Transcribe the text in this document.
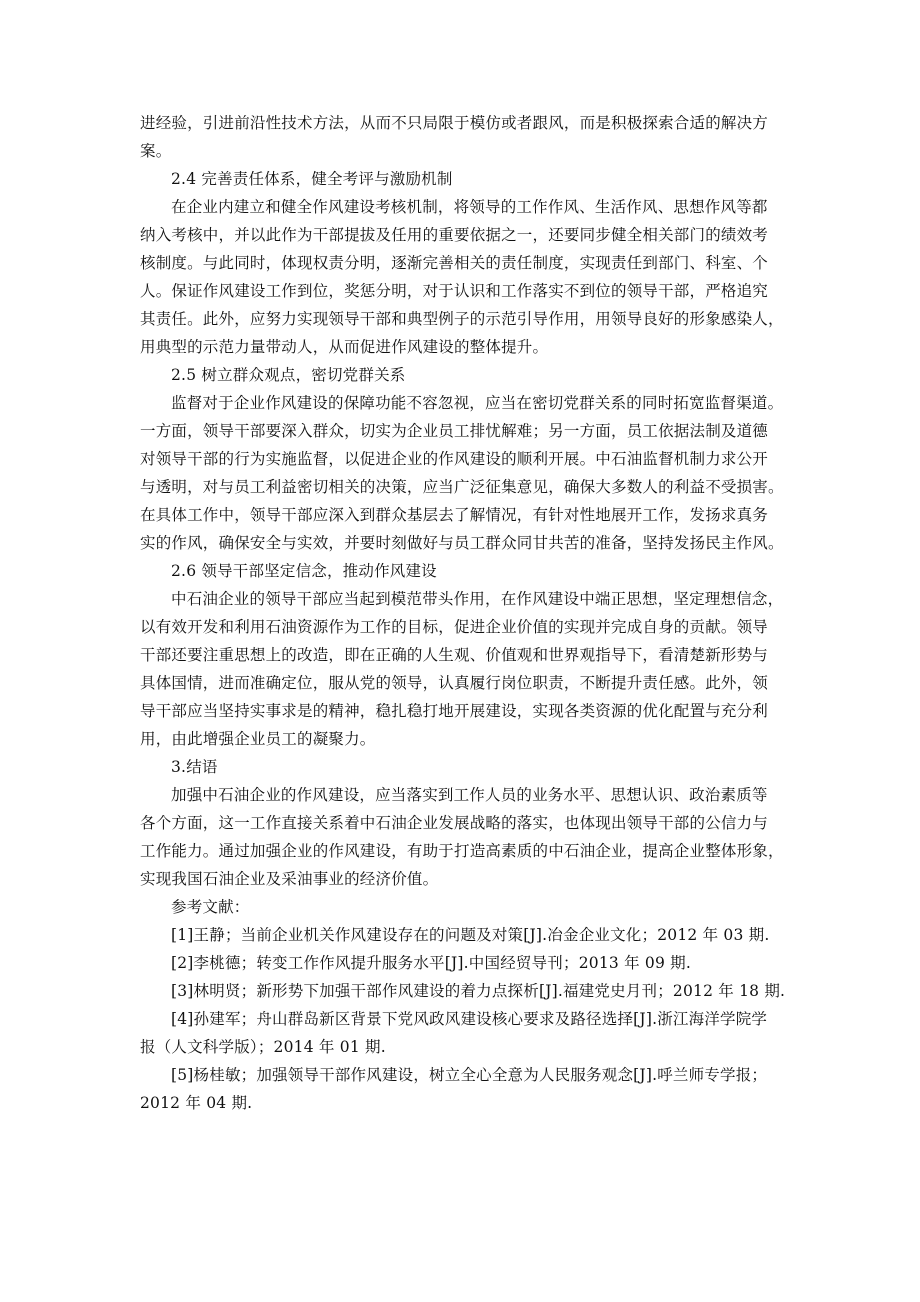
进经验，引进前沿性技术方法，从而不只局限于模仿或者跟风，而是积极探索合适的解决方
案。
2.4 完善责任体系，健全考评与激励机制
在企业内建立和健全作风建设考核机制，将领导的工作作风、生活作风、思想作风等都
纳入考核中，并以此作为干部提拔及任用的重要依据之一，还要同步健全相关部门的绩效考
核制度。与此同时，体现权责分明，逐渐完善相关的责任制度，实现责任到部门、科室、个
人。保证作风建设工作到位，奖惩分明，对于认识和工作落实不到位的领导干部，严格追究
其责任。此外，应努力实现领导干部和典型例子的示范引导作用，用领导良好的形象感染人，
用典型的示范力量带动人，从而促进作风建设的整体提升。
2.5 树立群众观点，密切党群关系
监督对于企业作风建设的保障功能不容忽视，应当在密切党群关系的同时拓宽监督渠道。
一方面，领导干部要深入群众，切实为企业员工排忧解难；另一方面，员工依据法制及道德
对领导干部的行为实施监督，以促进企业的作风建设的顺利开展。中石油监督机制力求公开
与透明，对与员工利益密切相关的决策，应当广泛征集意见，确保大多数人的利益不受损害。
在具体工作中，领导干部应深入到群众基层去了解情况，有针对性地展开工作，发扬求真务
实的作风，确保安全与实效，并要时刻做好与员工群众同甘共苦的准备，坚持发扬民主作风。
2.6 领导干部坚定信念，推动作风建设
中石油企业的领导干部应当起到模范带头作用，在作风建设中端正思想，坚定理想信念，
以有效开发和利用石油资源作为工作的目标，促进企业价值的实现并完成自身的贡献。领导
干部还要注重思想上的改造，即在正确的人生观、价值观和世界观指导下，看清楚新形势与
具体国情，进而准确定位，服从党的领导，认真履行岗位职责，不断提升责任感。此外，领
导干部应当坚持实事求是的精神，稳扎稳打地开展建设，实现各类资源的优化配置与充分利
用，由此增强企业员工的凝聚力。
3.结语
加强中石油企业的作风建设，应当落实到工作人员的业务水平、思想认识、政治素质等
各个方面，这一工作直接关系着中石油企业发展战略的落实，也体现出领导干部的公信力与
工作能力。通过加强企业的作风建设，有助于打造高素质的中石油企业，提高企业整体形象，
实现我国石油企业及采油事业的经济价值。
参考文献：
[1]王静；当前企业机关作风建设存在的问题及对策[J].冶金企业文化；2012 年 03 期.
[2]李桃德；转变工作作风提升服务水平[J].中国经贸导刊；2013 年 09 期.
[3]林明贤；新形势下加强干部作风建设的着力点探析[J].福建党史月刊；2012 年 18 期.
[4]孙建军；舟山群岛新区背景下党风政风建设核心要求及路径选择[J].浙江海洋学院学
报（人文科学版）；2014 年 01 期.
[5]杨桂敏；加强领导干部作风建设，树立全心全意为人民服务观念[J].呼兰师专学报；
2012 年 04 期.
